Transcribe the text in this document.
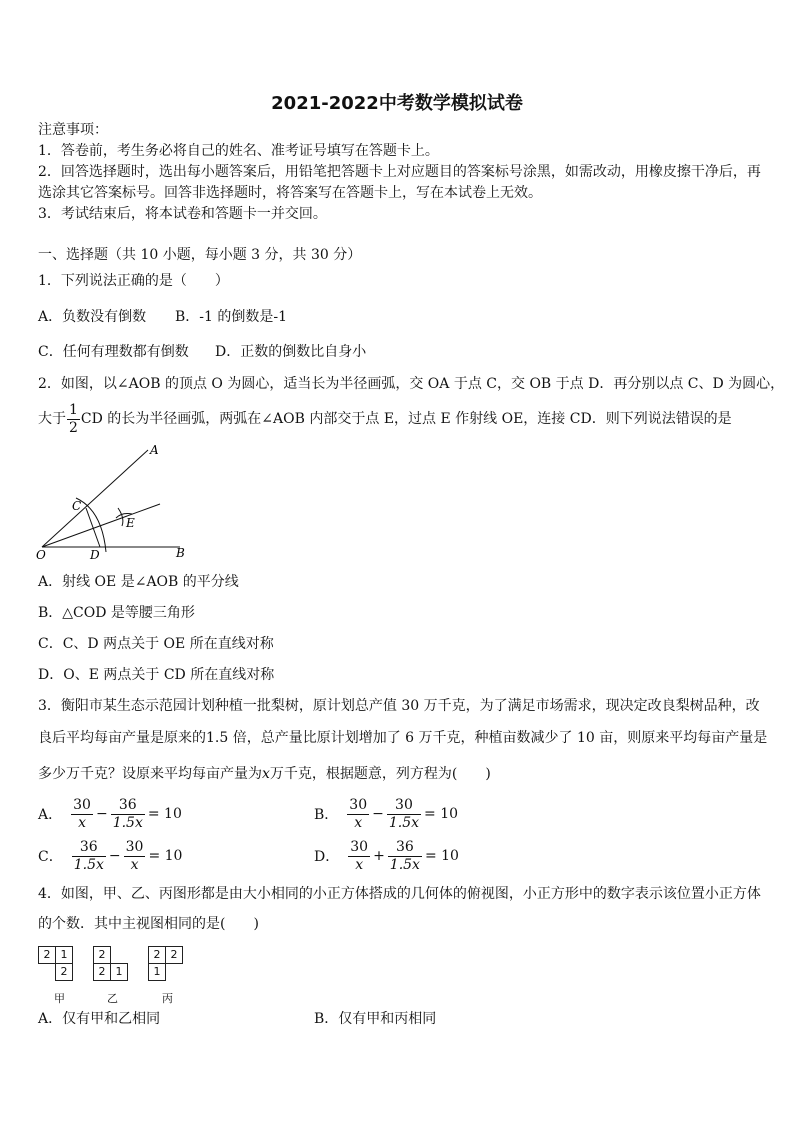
2021-2022中考数学模拟试卷
注意事项：
1．答卷前，考生务必将自己的姓名、准考证号填写在答题卡上。
2．回答选择题时，选出每小题答案后，用铅笔把答题卡上对应题目的答案标号涂黑，如需改动，用橡皮擦干净后，再
选涂其它答案标号。回答非选择题时，将答案写在答题卡上，写在本试卷上无效。
3．考试结束后，将本试卷和答题卡一并交回。
一、选择题（共 10 小题，每小题 3 分，共 30 分）
1．下列说法正确的是（　　）
A．负数没有倒数 B．-1 的倒数是-1
C．任何有理数都有倒数 D．正数的倒数比自身小
2．如图，以∠AOB 的顶点 O 为圆心，适当长为半径画弧，交 OA 于点 C，交 OB 于点 D．再分别以点 C、D 为圆心，
大于 $\frac{1}{2}$ CD 的长为半径画弧，两弧在∠AOB 内部交于点 E，过点 E 作射线 OE，连接 CD．则下列说法错误的是
A
C
E
O	D	B
A．射线 OE 是∠AOB 的平分线
B．△COD 是等腰三角形
C．C、D 两点关于 OE 所在直线对称
D．O、E 两点关于 CD 所在直线对称
3．衡阳市某生态示范园计划种植一批梨树，原计划总产值 30 万千克，为了满足市场需求，现决定改良梨树品种，改
良后平均每亩产量是原来的1.5 倍，总产量比原计划增加了 6 万千克，种植亩数减少了 10 亩，则原来平均每亩产量是
多少万千克？设原来平均每亩产量为x万千克，根据题意，列方程为(　　)
A． $\frac{30}{x} - \frac{36}{1.5x} = 10$	B． $\frac{30}{x} - \frac{30}{1.5x} = 10$
C． $\frac{36}{1.5x} - \frac{30}{x} = 10$	D． $\frac{30}{x} + \frac{36}{1.5x} = 10$
4．如图，甲、乙、丙图形都是由大小相同的小正方体搭成的几何体的俯视图，小正方形中的数字表示该位置小正方体
的个数．其中主视图相同的是(　　)
2 1
2
甲
2
2 1
乙
2 2
1
丙
A．仅有甲和乙相同	B．仅有甲和丙相同
